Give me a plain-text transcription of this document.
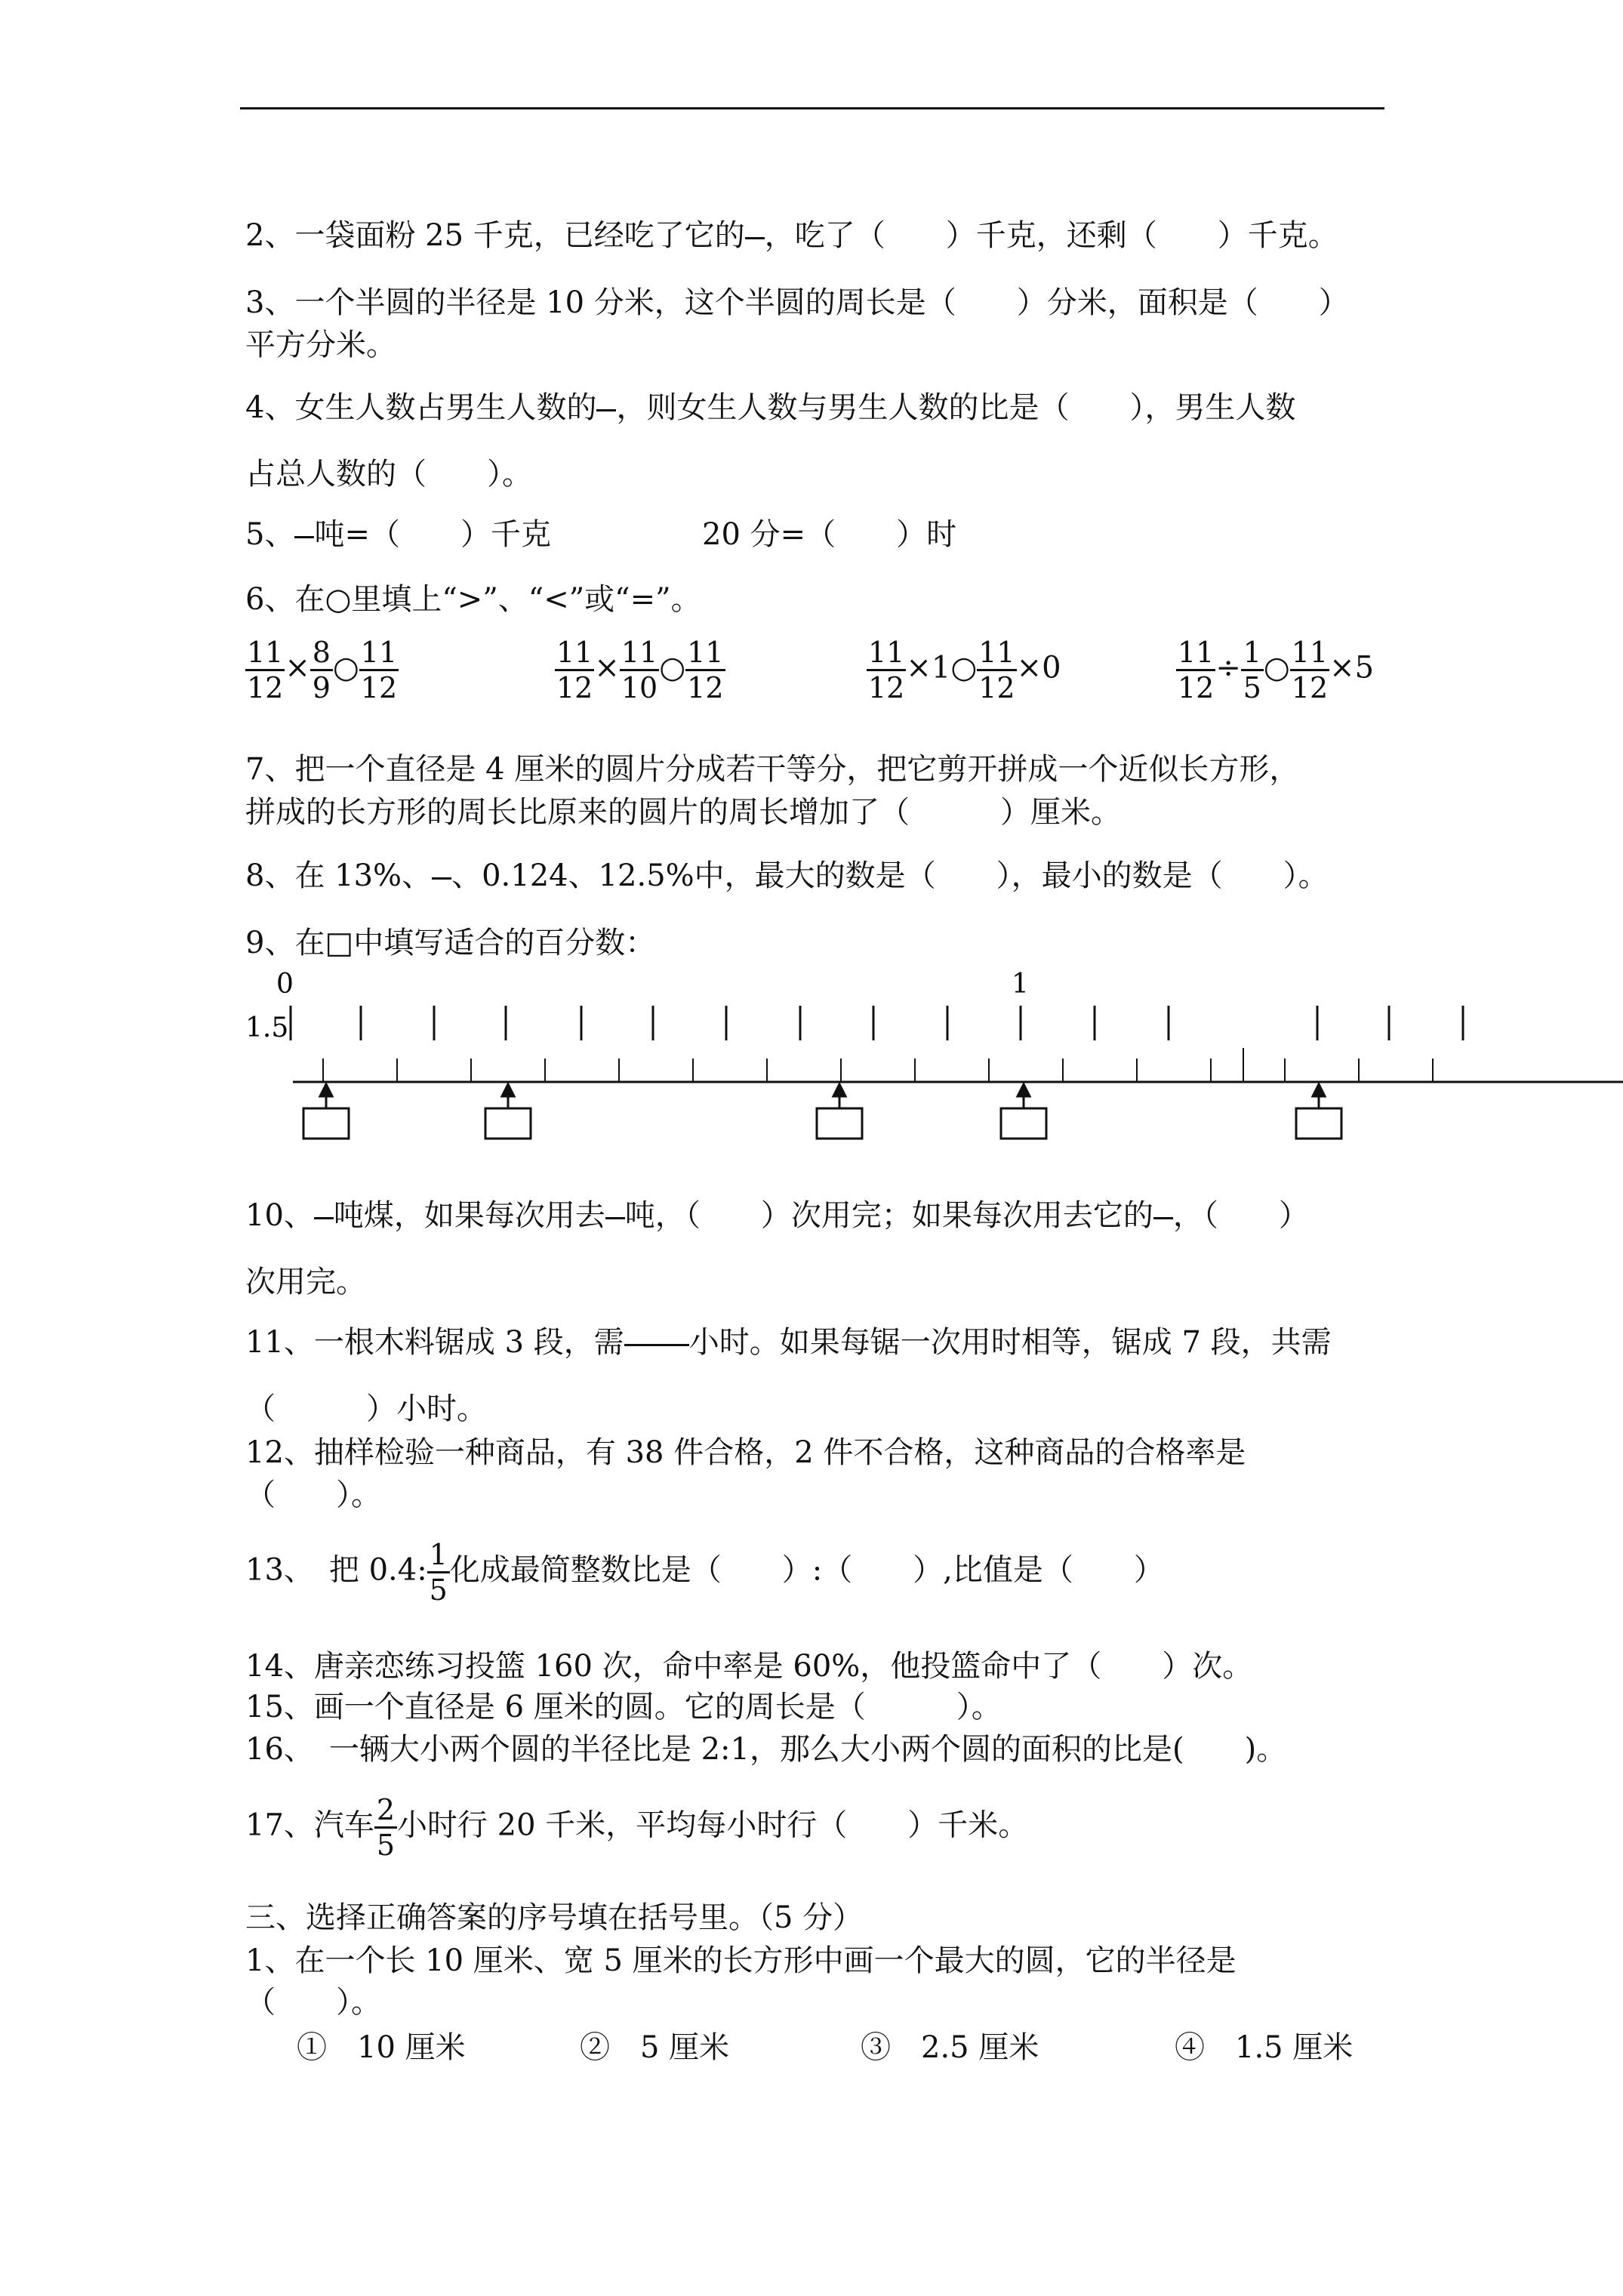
2、一袋面粉 25 千克，已经吃了它的 ，吃了（　　）千克，还剩（　　）千克。
3、一个半圆的半径是 10 分米，这个半圆的周长是（　　）分米，面积是（　　）
平方分米。
4、女生人数占男生人数的 ，则女生人数与男生人数的比是（　　），男生人数
占总人数的（　　）。
5、 吨=（　　）千克	20 分=（　　）时
6、在○里填上“>”、“<”或“=”。
$\frac{11}{12} \times \frac{8}{9}$ ○ $\frac{11}{12}$	$\frac{11}{12} \times \frac{11}{10}$ ○ $\frac{11}{12}$	$\frac{11}{12}$ ×1○ $\frac{11}{12} \times 0$	$\frac{11}{12} \div \frac{1}{5}$ ○ $\frac{11}{12} \times 5$
7、把一个直径是 4 厘米的圆片分成若干等分，把它剪开拼成一个近似长方形，
拼成的长方形的周长比原来的圆片的周长增加了（　　　）厘米。
8、在 13%、 、0.124、12.5%中，最大的数是（　　），最小的数是（　　）。
9、在□中填写适合的百分数：
0	1
1.5
10、 吨煤，如果每次用去 吨，（　　）次用完；如果每次用去它的 ，（　　）
次用完。
11、一根木料锯成 3 段，需 小时。如果每锯一次用时相等，锯成 7 段，共需
（　　　）小时。
12、抽样检验一种商品，有 38 件合格，2 件不合格，这种商品的合格率是
（　　）。
13、　把 0.4: $\frac{1}{5}$ 化成最简整数比是（　　）:（　　）,比值是（　　）
14、唐亲恋练习投篮 160 次，命中率是 60%，他投篮命中了（　　）次。
15、画一个直径是 6 厘米的圆。它的周长是（　　　）。
16、　一辆大小两个圆的半径比是 2:1，那么大小两个圆的面积的比是(　　)。
17、汽车 $\frac{2}{5}$ 小时行 20 千米，平均每小时行（　　）千米。
三、选择正确答案的序号填在括号里。（5 分）
1、在一个长 10 厘米、宽 5 厘米的长方形中画一个最大的圆，它的半径是
（　　）。
①　 10 厘米	②　 5 厘米	③　 2.5 厘米	④　 1.5 厘米
